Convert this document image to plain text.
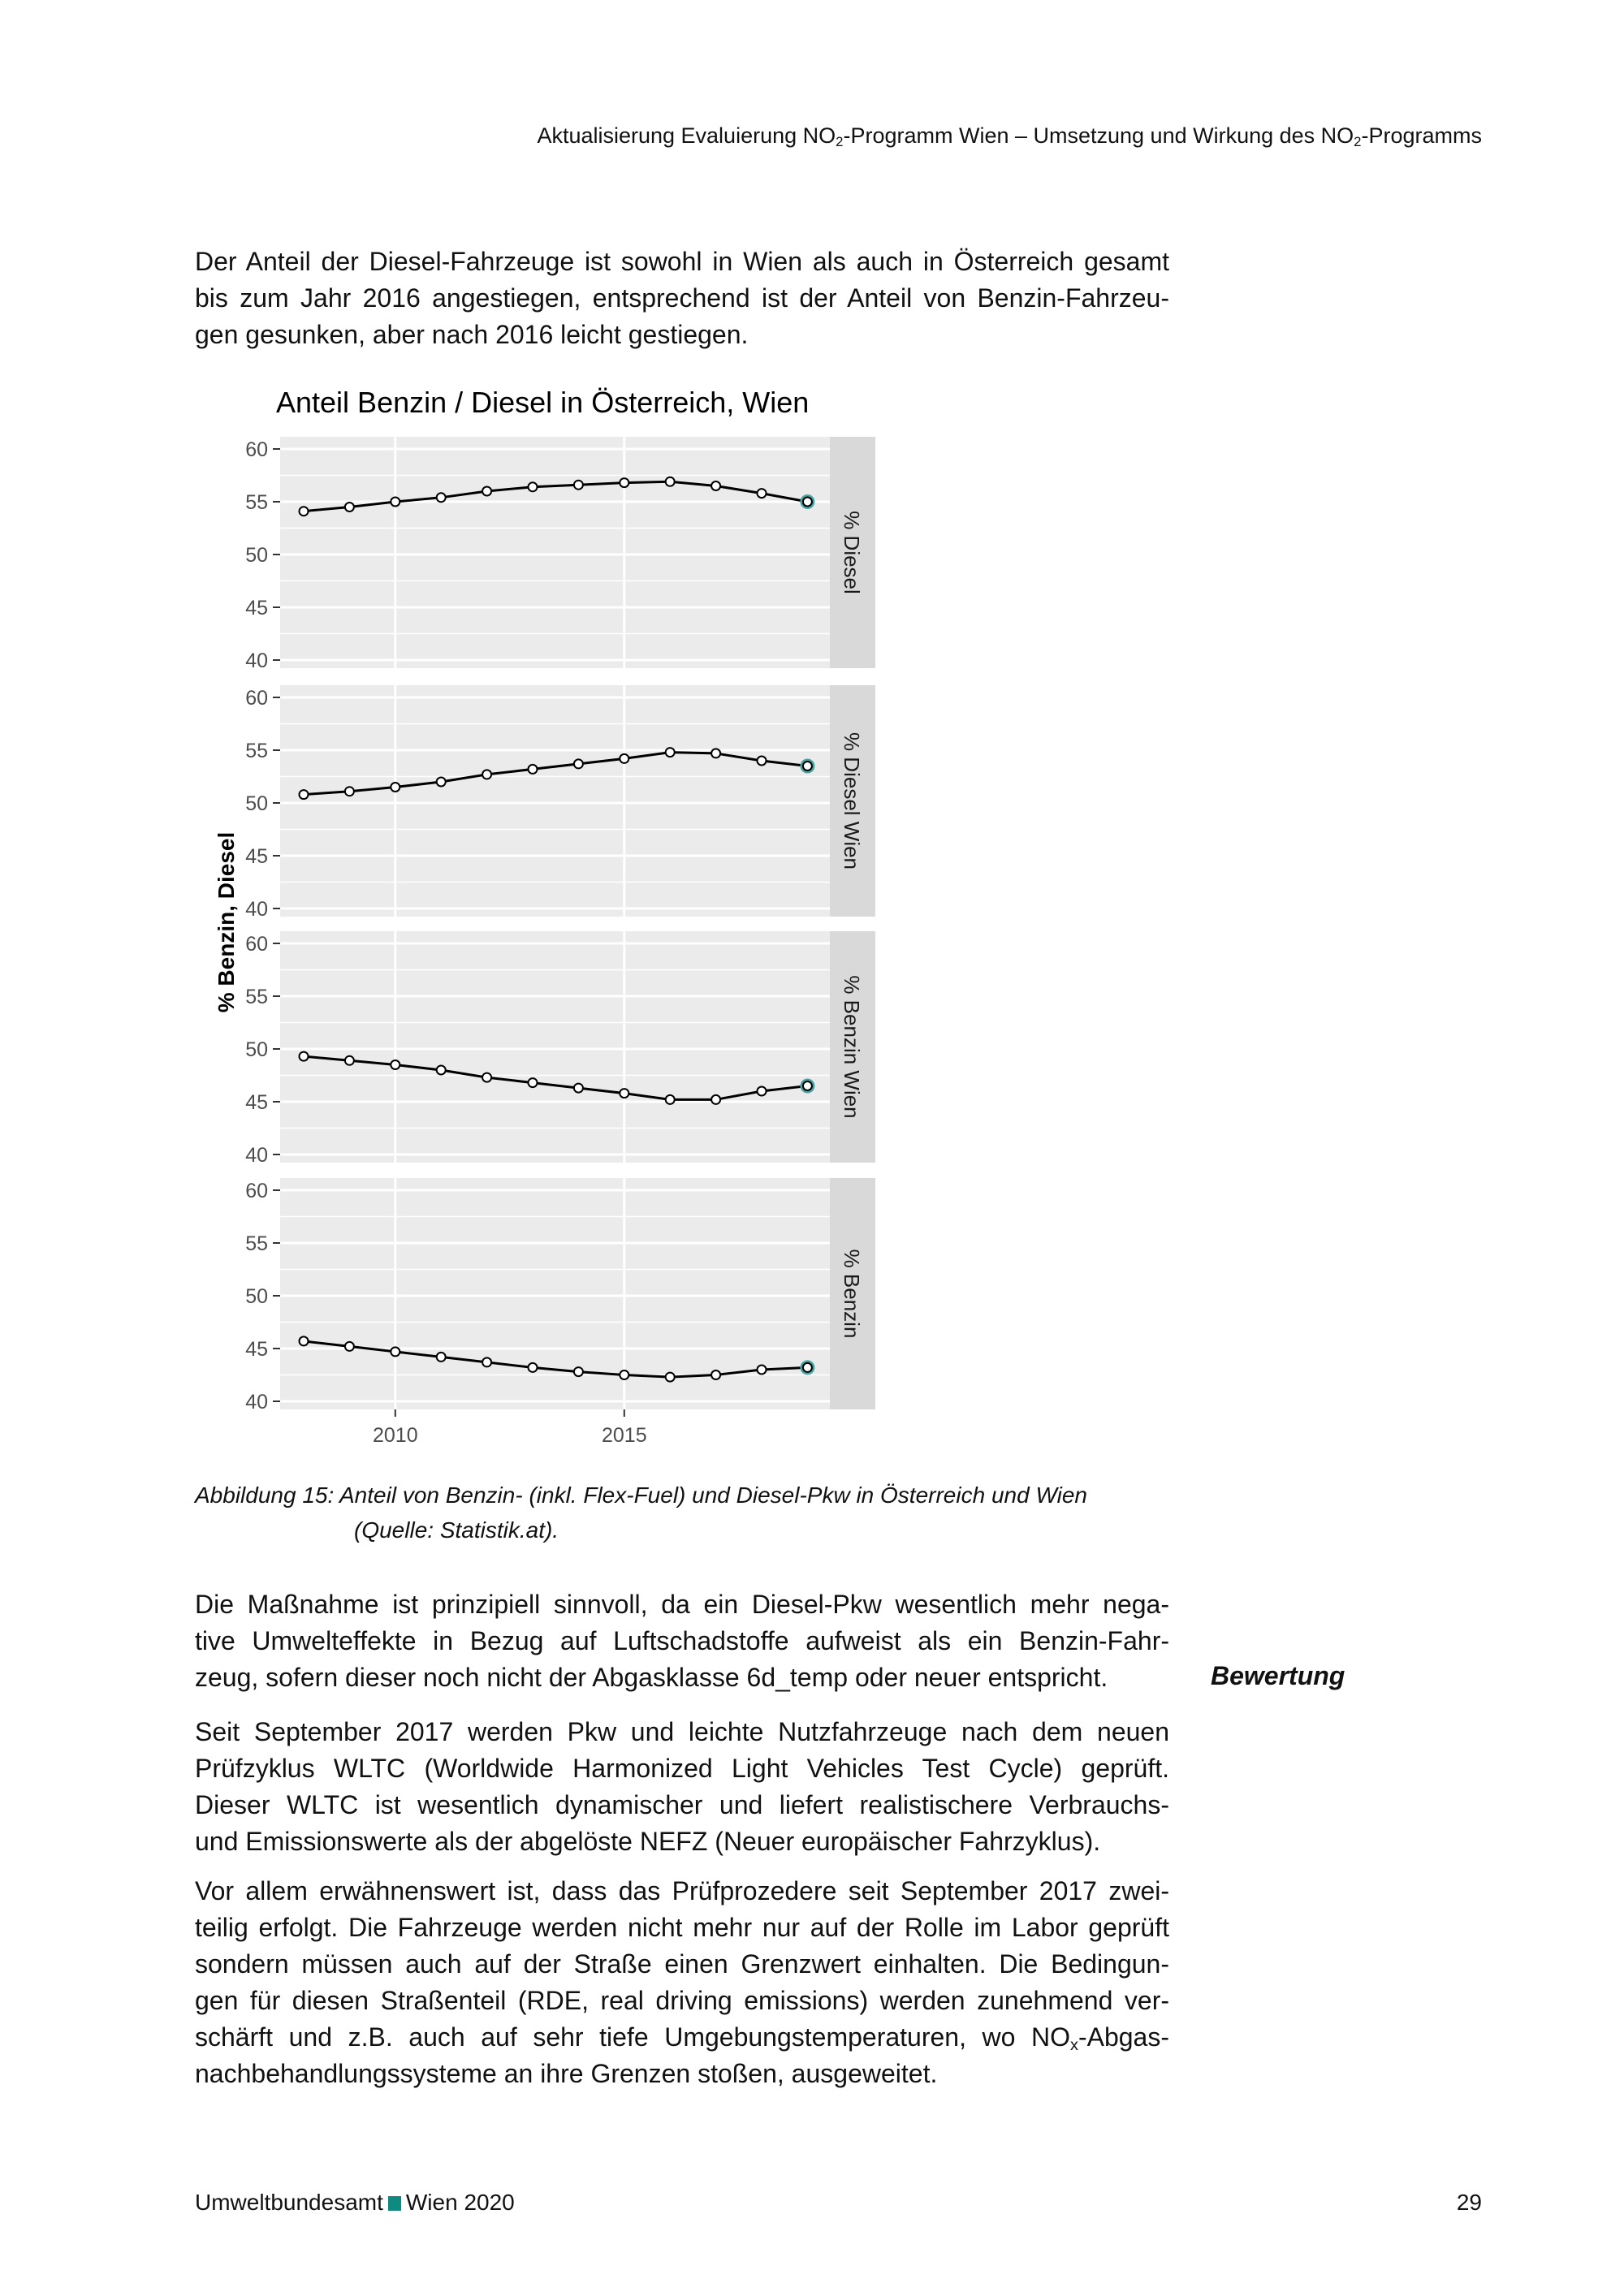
Aktualisierung Evaluierung $NO_2$-Programm Wien – Umsetzung und Wirkung des $NO_2$-Programms
Der Anteil der Diesel-Fahrzeuge ist sowohl in Wien als auch in Österreich gesamt
bis zum Jahr 2016 angestiegen, entsprechend ist der Anteil von Benzin-Fahrzeu-
gen gesunken, aber nach 2016 leicht gestiegen.
Anteil Benzin / Diesel in Österreich, Wien
% Benzin, Diesel
60
55
50
45
40
% Diesel
60
55
50
45
40
% Diesel Wien
60
55
50
45
40
% Benzin Wien
60
55
50
45
40
% Benzin
2010	2015
Abbildung 15: Anteil von Benzin- (inkl. Flex-Fuel) und Diesel-Pkw in Österreich und Wien
(Quelle: Statistik.at).
Die Maßnahme ist prinzipiell sinnvoll, da ein Diesel-Pkw wesentlich mehr nega-
tive Umwelteffekte in Bezug auf Luftschadstoffe aufweist als ein Benzin-Fahr-
zeug, sofern dieser noch nicht der Abgasklasse 6d_temp oder neuer entspricht.	Bewertung
Seit September 2017 werden Pkw und leichte Nutzfahrzeuge nach dem neuen
Prüfzyklus WLTC (Worldwide Harmonized Light Vehicles Test Cycle) geprüft.
Dieser WLTC ist wesentlich dynamischer und liefert realistischere Verbrauchs-
und Emissionswerte als der abgelöste NEFZ (Neuer europäischer Fahrzyklus).
Vor allem erwähnenswert ist, dass das Prüfprozedere seit September 2017 zwei-
teilig erfolgt. Die Fahrzeuge werden nicht mehr nur auf der Rolle im Labor geprüft
sondern müssen auch auf der Straße einen Grenzwert einhalten. Die Bedingun-
gen für diesen Straßenteil (RDE, real driving emissions) werden zunehmend ver-
schärft und z.B. auch auf sehr tiefe Umgebungstemperaturen, wo $NO_x-Abgas-$
nachbehandlungssysteme an ihre Grenzen stoßen, ausgeweitet.
Umweltbundesamt Wien 2020	29
